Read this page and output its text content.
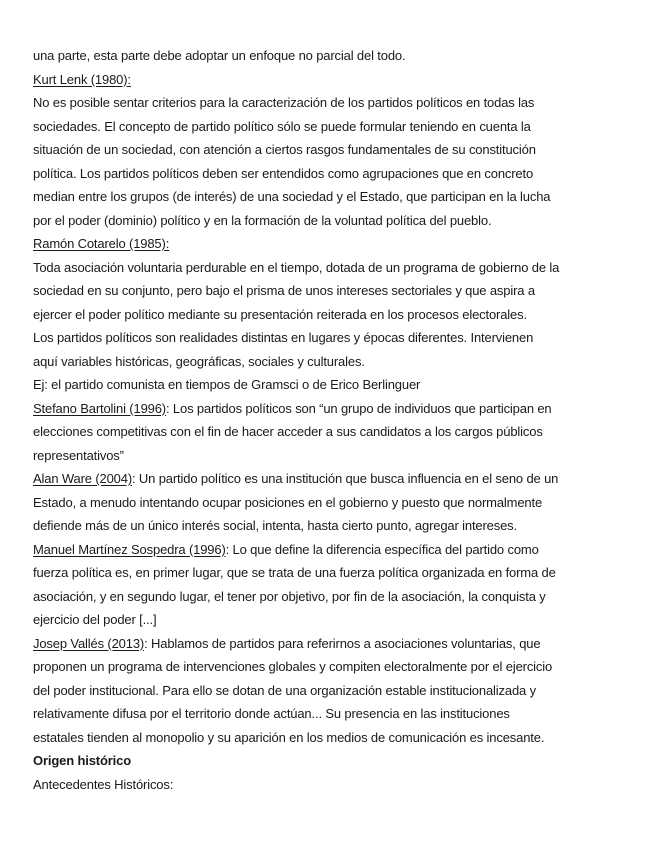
una parte, esta parte debe adoptar un enfoque no parcial del todo.
Kurt Lenk (1980):
No es posible sentar criterios para la caracterización de los partidos políticos en todas las
sociedades. El concepto de partido político sólo se puede formular teniendo en cuenta la
situación de un sociedad, con atención a ciertos rasgos fundamentales de su constitución
política. Los partidos políticos deben ser entendidos como agrupaciones que en concreto
median entre los grupos (de interés) de una sociedad y el Estado, que participan en la lucha
por el poder (dominio) político y en la formación de la voluntad política del pueblo.
Ramón Cotarelo (1985):
Toda asociación voluntaria perdurable en el tiempo, dotada de un programa de gobierno de la
sociedad en su conjunto, pero bajo el prisma de unos intereses sectoriales y que aspira a
ejercer el poder político mediante su presentación reiterada en los procesos electorales.
Los partidos políticos son realidades distintas en lugares y épocas diferentes. Intervienen
aquí variables históricas, geográficas, sociales y culturales.
Ej: el partido comunista en tiempos de Gramsci o de Erico Berlinguer
Stefano Bartolini (1996): Los partidos políticos son “un grupo de individuos que participan en
elecciones competitivas con el fin de hacer acceder a sus candidatos a los cargos públicos
representativos”
Alan Ware (2004): Un partido político es una institución que busca influencia en el seno de un
Estado, a menudo intentando ocupar posiciones en el gobierno y puesto que normalmente
defiende más de un único interés social, intenta, hasta cierto punto, agregar intereses.
Manuel Martínez Sospedra (1996): Lo que define la diferencia específica del partido como
fuerza política es, en primer lugar, que se trata de una fuerza política organizada en forma de
asociación, y en segundo lugar, el tener por objetivo, por fin de la asociación, la conquista y
ejercicio del poder [...]
Josep Vallés (2013): Hablamos de partidos para referirnos a asociaciones voluntarias, que
proponen un programa de intervenciones globales y compiten electoralmente por el ejercicio
del poder institucional. Para ello se dotan de una organización estable institucionalizada y
relativamente difusa por el territorio donde actúan... Su presencia en las instituciones
estatales tienden al monopolio y su aparición en los medios de comunicación es incesante.
Origen histórico
Antecedentes Históricos:
